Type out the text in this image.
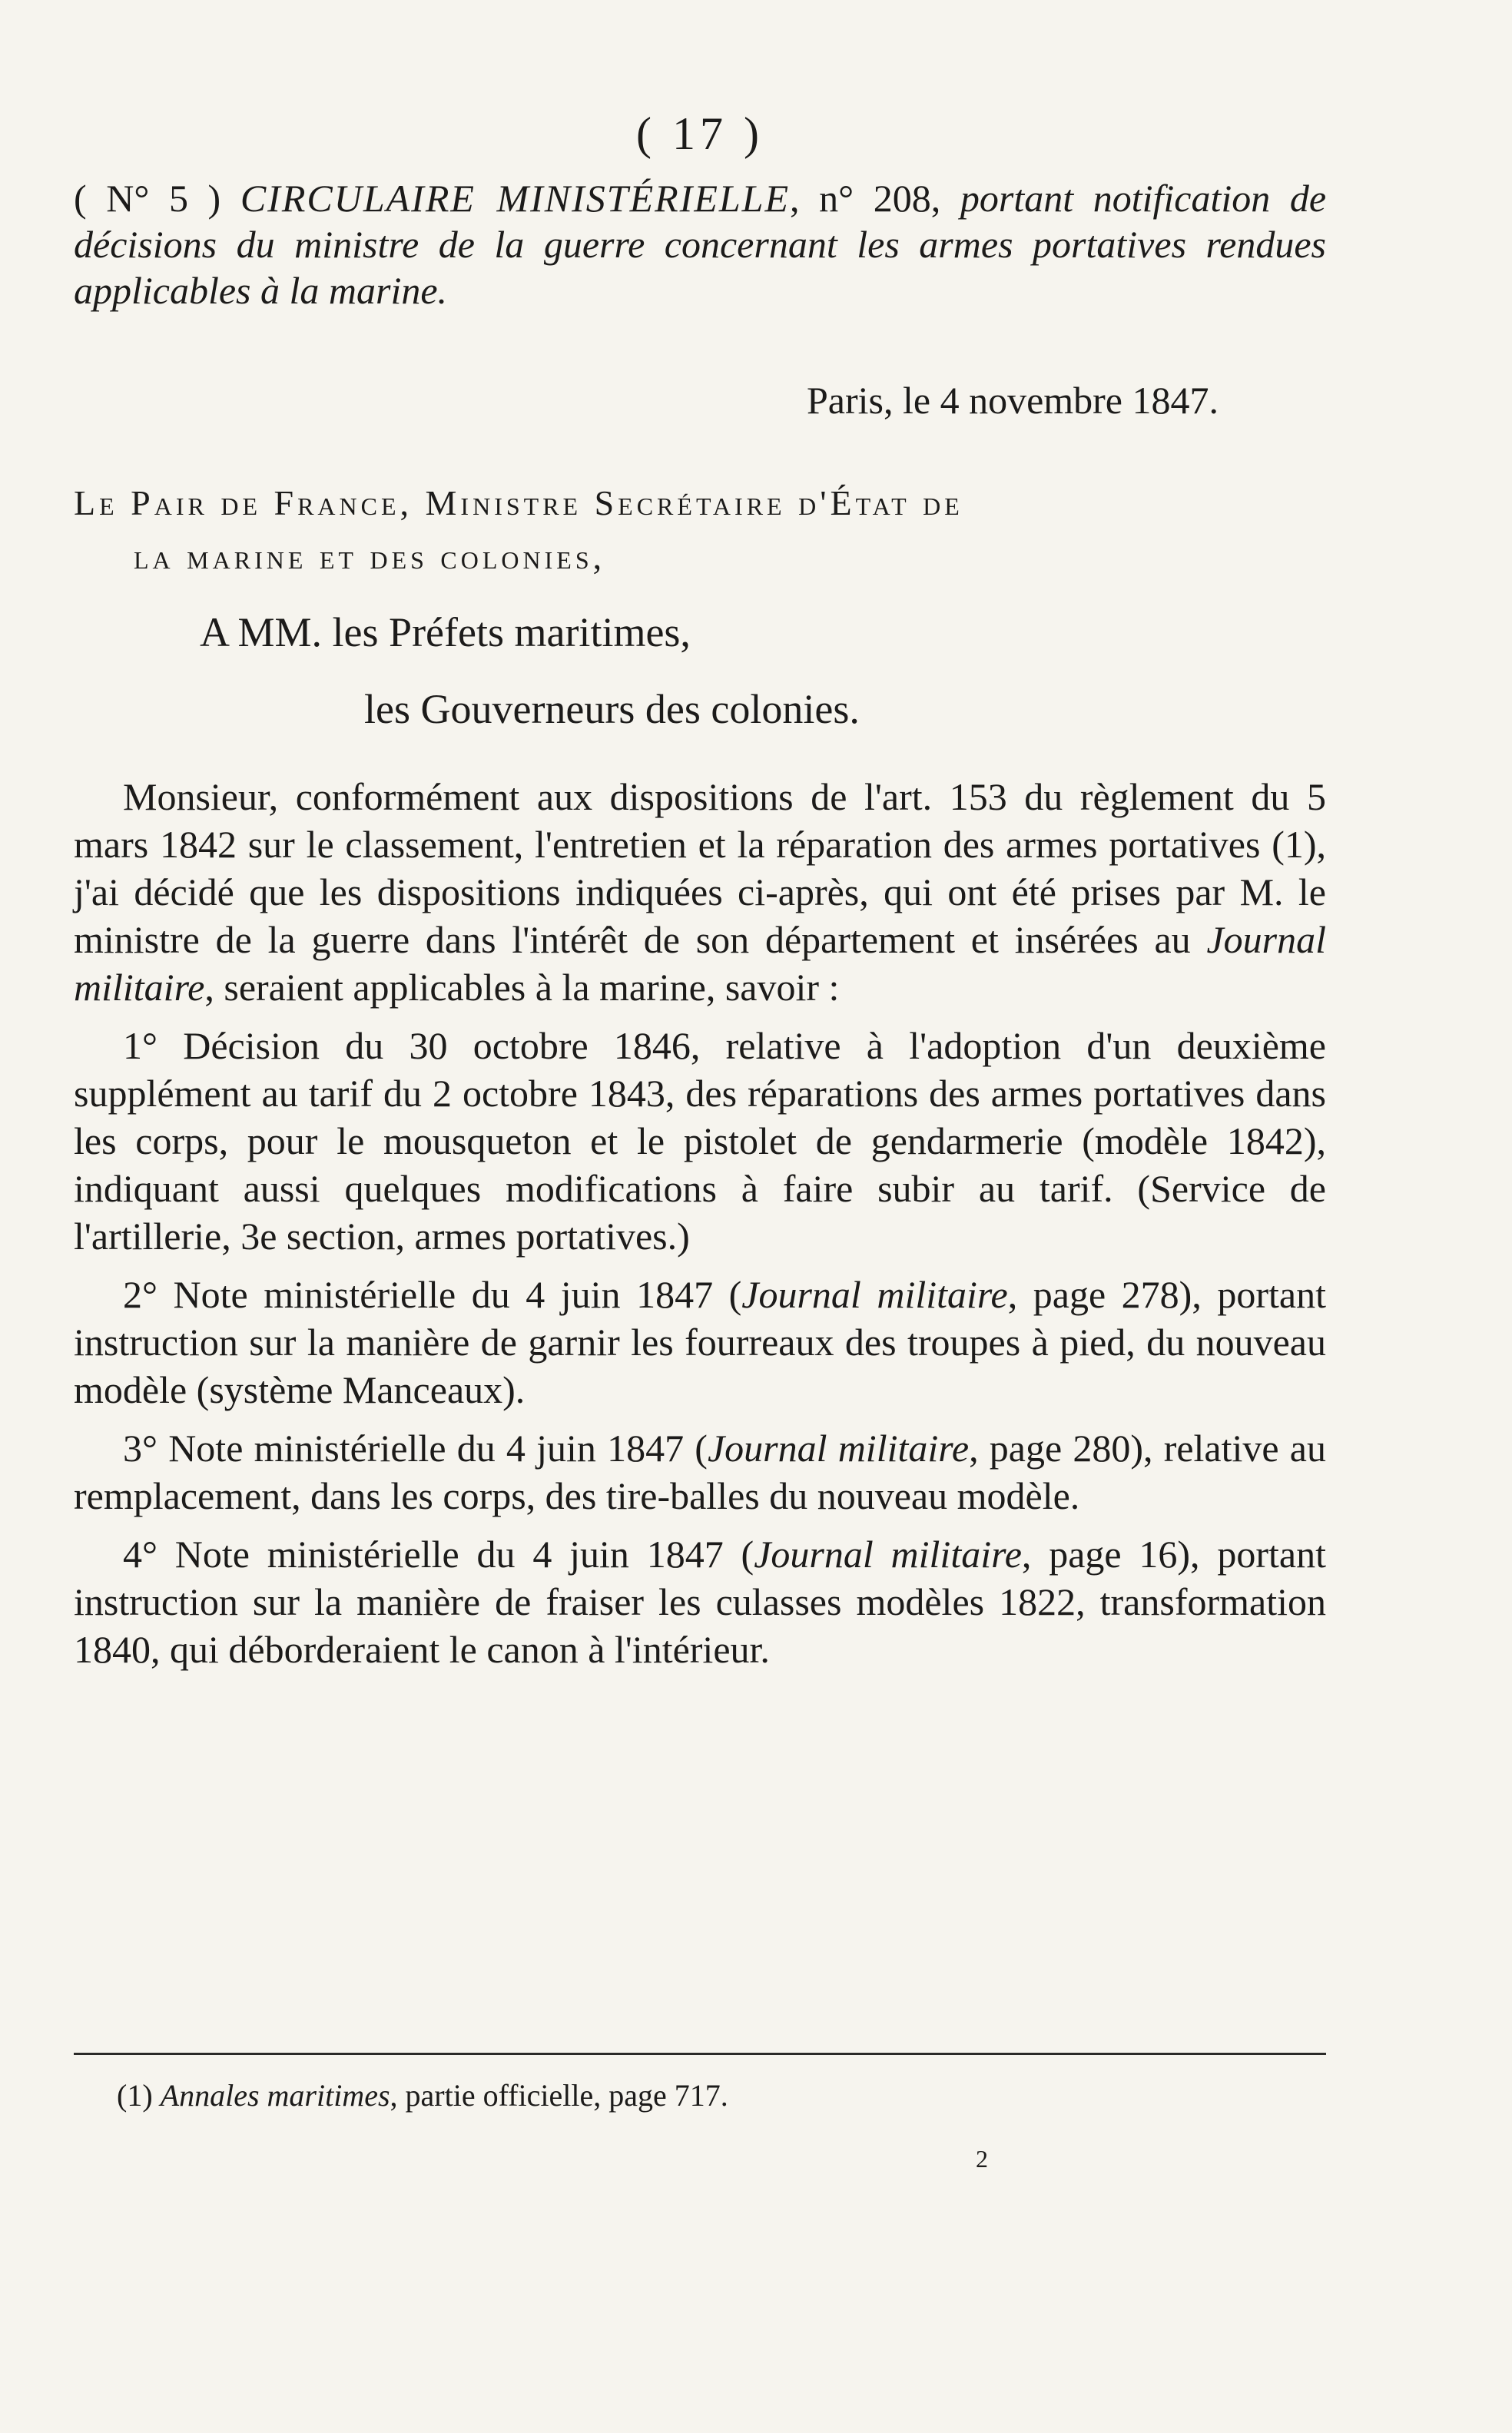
( 17 )
( N° 5 ) CIRCULAIRE MINISTÉRIELLE, n° 208, portant notification de décisions du ministre de la guerre concernant les armes portatives rendues applicables à la marine.
Paris, le 4 novembre 1847.
Le Pair de France, Ministre Secrétaire d'État de
la marine et des colonies,
A MM. les Préfets maritimes,
les Gouverneurs des colonies.

Monsieur, conformément aux dispositions de l'art. 153 du règlement du 5 mars 1842 sur le classement, l'entretien et la réparation des armes portatives (1), j'ai décidé que les dispositions indiquées ci-après, qui ont été prises par M. le ministre de la guerre dans l'intérêt de son département et insérées au Journal militaire, seraient applicables à la marine, savoir :

1° Décision du 30 octobre 1846, relative à l'adoption d'un deuxième supplément au tarif du 2 octobre 1843, des réparations des armes portatives dans les corps, pour le mousqueton et le pistolet de gendarmerie (modèle 1842), indiquant aussi quelques modifications à faire subir au tarif. (Service de l'artillerie, 3e section, armes portatives.)

2° Note ministérielle du 4 juin 1847 (Journal militaire, page 278), portant instruction sur la manière de garnir les fourreaux des troupes à pied, du nouveau modèle (système Manceaux).

3° Note ministérielle du 4 juin 1847 (Journal militaire, page 280), relative au remplacement, dans les corps, des tire-balles du nouveau modèle.

4° Note ministérielle du 4 juin 1847 (Journal militaire, page 16), portant instruction sur la manière de fraiser les culasses modèles 1822, transformation 1840, qui déborderaient le canon à l'intérieur.

(1) Annales maritimes, partie officielle, page 717.
2
